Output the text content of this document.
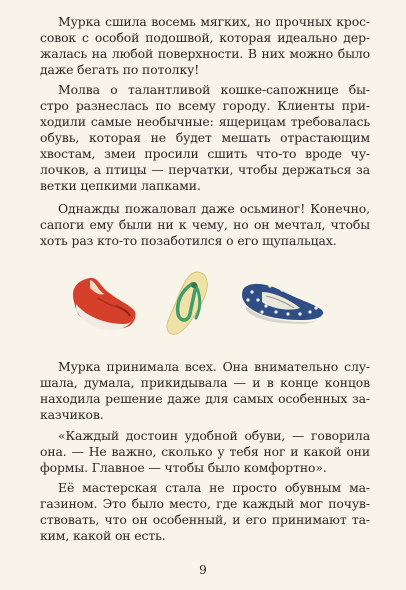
Мурка сшила восемь мягких, но прочных крос-
совок с особой подошвой, которая идеально дер-
жалась на любой поверхности. В них можно было
даже бегать по потолку!
Молва о талантливой кошке-сапожнице бы-
стро разнеслась по всему городу. Клиенты при-
ходили самые необычные: ящерицам требовалась
обувь, которая не будет мешать отрастающим
хвостам, змеи просили сшить что-то вроде чу-
лочков, а птицы — перчатки, чтобы держаться за
ветки цепкими лапками.
Однажды пожаловал даже осьминог! Конечно,
сапоги ему были ни к чему, но он мечтал, чтобы
хоть раз кто-то позаботился о его щупальцах.
Мурка принимала всех. Она внимательно слу-
шала, думала, прикидывала — и в конце концов
находила решение даже для самых особенных за-
казчиков.
«Каждый достоин удобной обуви, — говорила
она. — Не важно, сколько у тебя ног и какой они
формы. Главное — чтобы было комфортно».
Её мастерская стала не просто обувным ма-
газином. Это было место, где каждый мог почув-
ствовать, что он особенный, и его принимают та-
ким, какой он есть.
9
